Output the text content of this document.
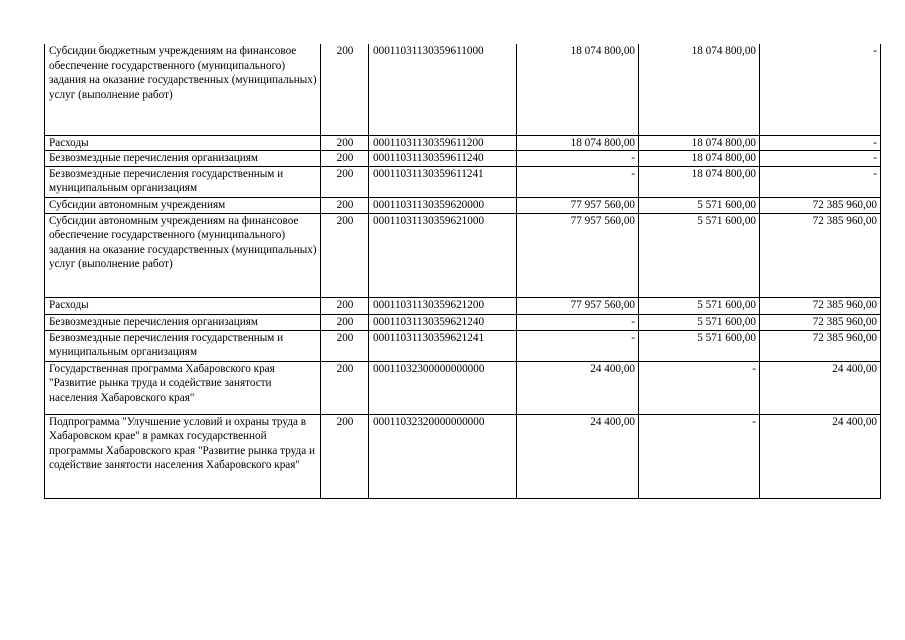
Субсидии бюджетным учреждениям на финансовое обеспечение государственного (муниципального) задания на оказание государственных (муниципальных) услуг (выполнение работ)	200	00011031130359611000	18 074 800,00	18 074 800,00	-
Расходы	200	00011031130359611200	18 074 800,00	18 074 800,00	-
Безвозмездные перечисления организациям	200	00011031130359611240	-	18 074 800,00	-
Безвозмездные перечисления государственным и муниципальным организациям	200	00011031130359611241	-	18 074 800,00	-
Субсидии автономным учреждениям	200	00011031130359620000	77 957 560,00	5 571 600,00	72 385 960,00
Субсидии автономным учреждениям на финансовое обеспечение государственного (муниципального) задания на оказание государственных (муниципальных) услуг (выполнение работ)	200	00011031130359621000	77 957 560,00	5 571 600,00	72 385 960,00
Расходы	200	00011031130359621200	77 957 560,00	5 571 600,00	72 385 960,00
Безвозмездные перечисления организациям	200	00011031130359621240	-	5 571 600,00	72 385 960,00
Безвозмездные перечисления государственным и муниципальным организациям	200	00011031130359621241	-	5 571 600,00	72 385 960,00
Государственная программа Хабаровского края "Развитие рынка труда и содействие занятости населения Хабаровского края"	200	00011032300000000000	24 400,00	-	24 400,00
Подпрограмма "Улучшение условий и охраны труда в Хабаровском крае" в рамках государственной программы Хабаровского края "Развитие рынка труда и содействие занятости населения Хабаровского края"	200	00011032320000000000	24 400,00	-	24 400,00
